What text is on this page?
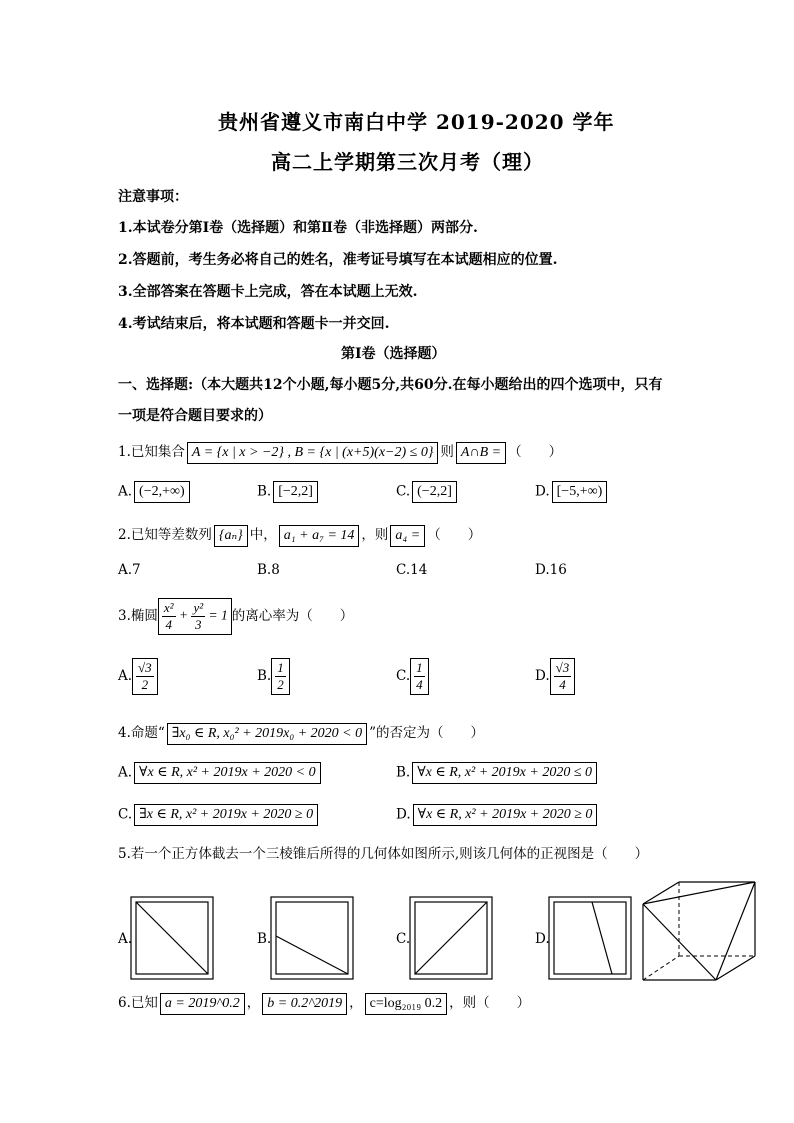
贵州省遵义市南白中学 2019-2020 学年
高二上学期第三次月考（理）
注意事项：
1.本试卷分第Ⅰ卷（选择题）和第Ⅱ卷（非选择题）两部分.
2.答题前，考生务必将自己的姓名，准考证号填写在本试题相应的位置.
3.全部答案在答题卡上完成，答在本试题上无效.
4.考试结束后，将本试题和答题卡一并交回.
第Ⅰ卷（选择题）
一、选择题:（本大题共12个小题,每小题5分,共60分.在每小题给出的四个选项中，只有
一项是符合题目要求的）
1.已知集合 A = {x | x > −2} , B = {x | (x+5)(x−2) ≤ 0} 则 A∩B = （　　）
A. (−2,+∞)	B. [−2,2]	C. (−2,2]	D. [−5,+∞)
2.已知等差数列 {aₙ} 中， a₁ + a₇ = 14 ，则 a₄ = （　　）
A.7	B.8	C.14	D.16
3.椭圆 $\frac{\text{x²}}{4} + \frac{\text{y²}}{3} = 1$ 的离心率为（　　）
A. $\frac{√3}{2}$	B. $\frac{1}{2}$	C. $\frac{1}{4}$	D. $\frac{√3}{4}$
4.命题“ ∃x₀ ∈ R, x₀² + 2019x₀ + 2020 < 0 ”的否定为（　　）
A. ∀x ∈ R, x² + 2019x + 2020 < 0	B. ∀x ∈ R, x² + 2019x + 2020 ≤ 0
C. ∃x ∈ R, x² + 2019x + 2020 ≥ 0	D. ∀x ∈ R, x² + 2019x + 2020 ≥ 0
5.若一个正方体截去一个三棱锥后所得的几何体如图所示,则该几何体的正视图是（　　）
A.	B.	C.	D.
6.已知 a = 2019^0.2 ， b = 0.2^2019 ， c=log₂₀₁₉ 0.2 ，则（　　）
